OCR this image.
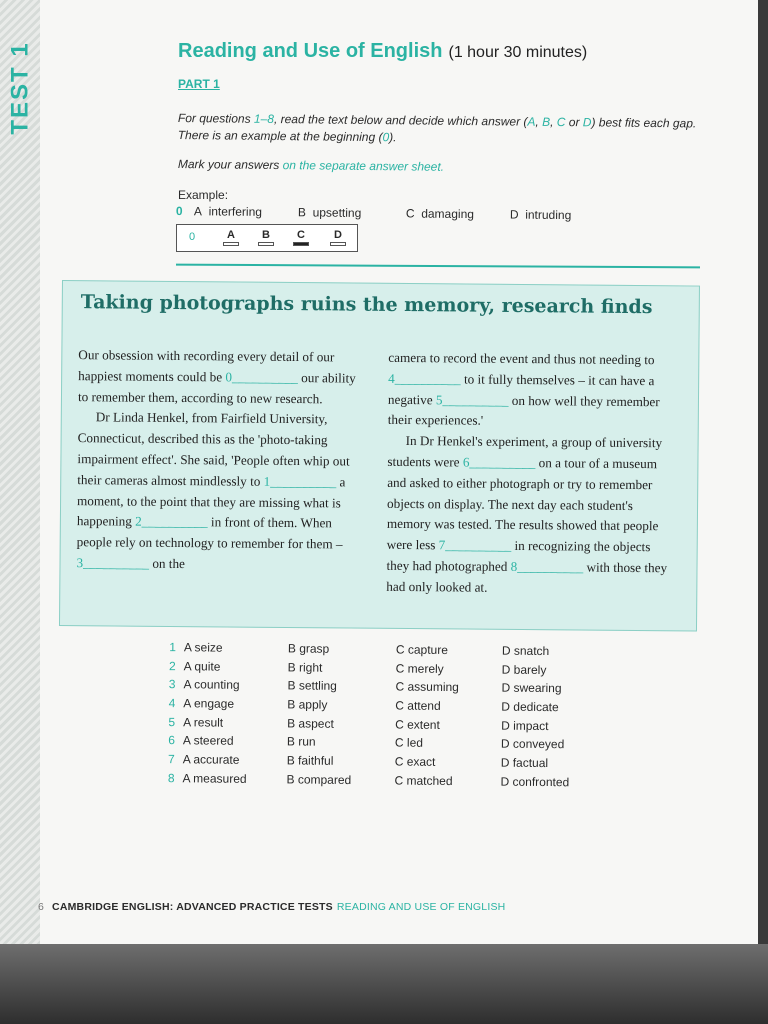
TEST 1	Reading and Use of English (1 hour 30 minutes)
PART 1
For questions 1–8, read the text below and decide which answer (A, B, C or D) best fits each gap. There is an example at the beginning (0).
Mark your answers on the separate answer sheet.
Example:
0 A interfering	B upsetting	C damaging	D intruding
0	A	B	C	D
Taking photographs ruins the memory, research finds

Our obsession with recording every detail of our happiest moments could be 0__________ our ability to remember them, according to new research.

Dr Linda Henkel, from Fairfield University, Connecticut, described this as the 'photo-taking impairment effect'. She said, 'People often whip out their cameras almost mindlessly to 1__________ a moment, to the point that they are missing what is happening 2__________ in front of them. When people rely on technology to remember for them – 3__________ on the

camera to record the event and thus not needing to 4__________ to it fully themselves – it can have a negative 5__________ on how well they remember their experiences.'

In Dr Henkel's experiment, a group of university students were 6__________ on a tour of a museum and asked to either photograph or try to remember objects on display. The next day each student's memory was tested. The results showed that people were less 7__________ in recognizing the objects they had photographed 8__________ with those they had only looked at.

1 A seize	B grasp	C capture	D snatch
2 A quite	B right	C merely	D barely
3 A counting	B settling	C assuming	D swearing
4 A engage	B apply	C attend	D dedicate
5 A result	B aspect	C extent	D impact
6 A steered	B run	C led	D conveyed
7 A accurate	B faithful	C exact	D factual
8 A measured	B compared	C matched	D confronted
6 CAMBRIDGE ENGLISH: ADVANCED PRACTICE TESTS READING AND USE OF ENGLISH
